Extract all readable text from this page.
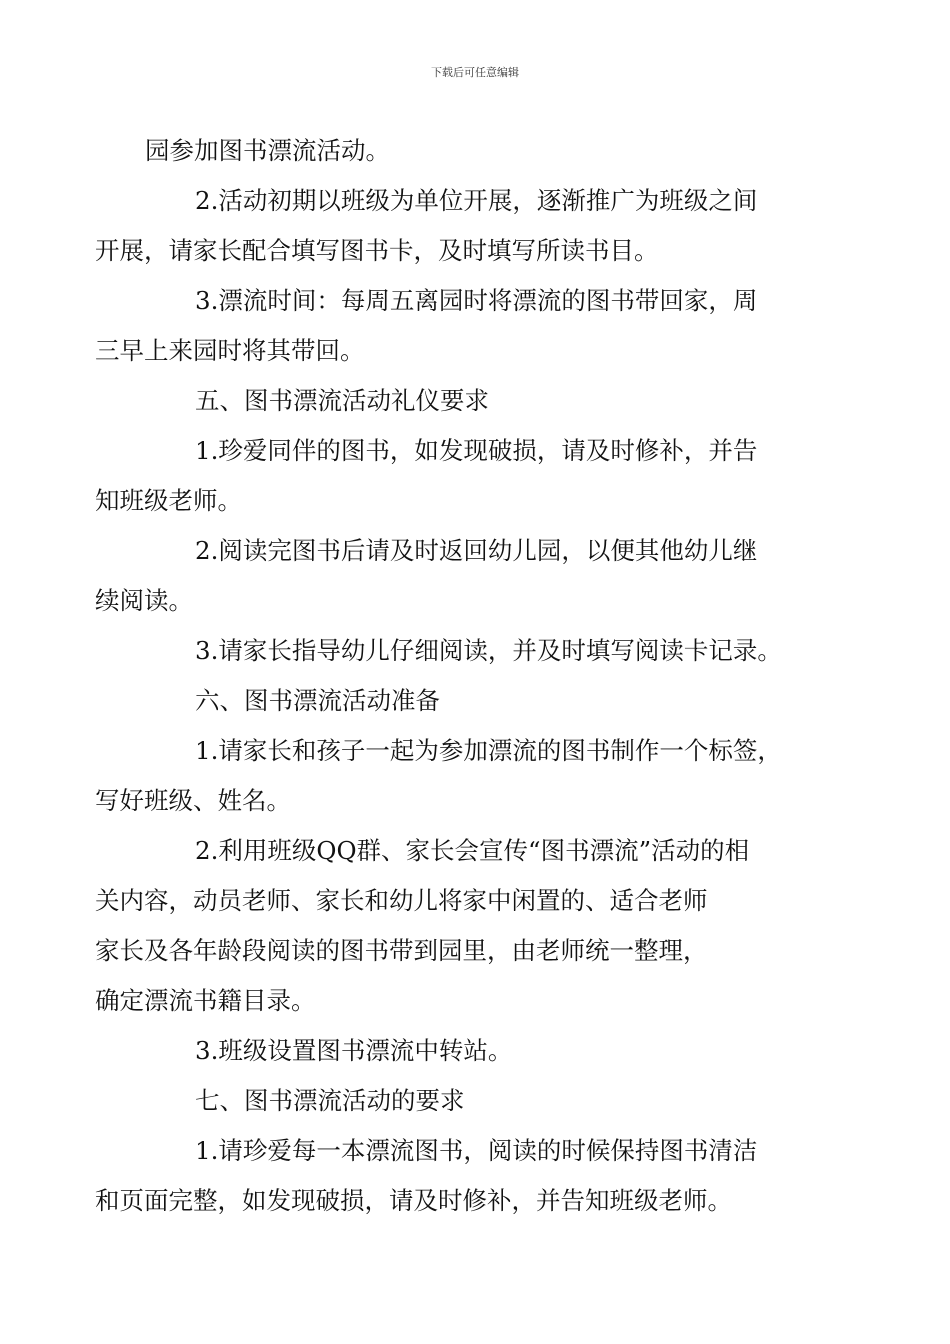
下载后可任意编辑

园参加图书漂流活动。

2.活动初期以班级为单位开展，逐渐推广为班级之间
开展，请家长配合填写图书卡，及时填写所读书目。

3.漂流时间：每周五离园时将漂流的图书带回家，周
三早上来园时将其带回。

五、图书漂流活动礼仪要求

1.珍爱同伴的图书，如发现破损，请及时修补，并告
知班级老师。

2.阅读完图书后请及时返回幼儿园，以便其他幼儿继
续阅读。

3.请家长指导幼儿仔细阅读，并及时填写阅读卡记录。

六、图书漂流活动准备

1.请家长和孩子一起为参加漂流的图书制作一个标签，
写好班级、姓名。

2.利用班级QQ群、家长会宣传“图书漂流”活动的相
关内容，动员老师、家长和幼儿将家中闲置的、适合老师
家长及各年龄段阅读的图书带到园里，由老师统一整理，
确定漂流书籍目录。

3.班级设置图书漂流中转站。

七、图书漂流活动的要求

1.请珍爱每一本漂流图书，阅读的时候保持图书清洁
和页面完整，如发现破损，请及时修补，并告知班级老师。
